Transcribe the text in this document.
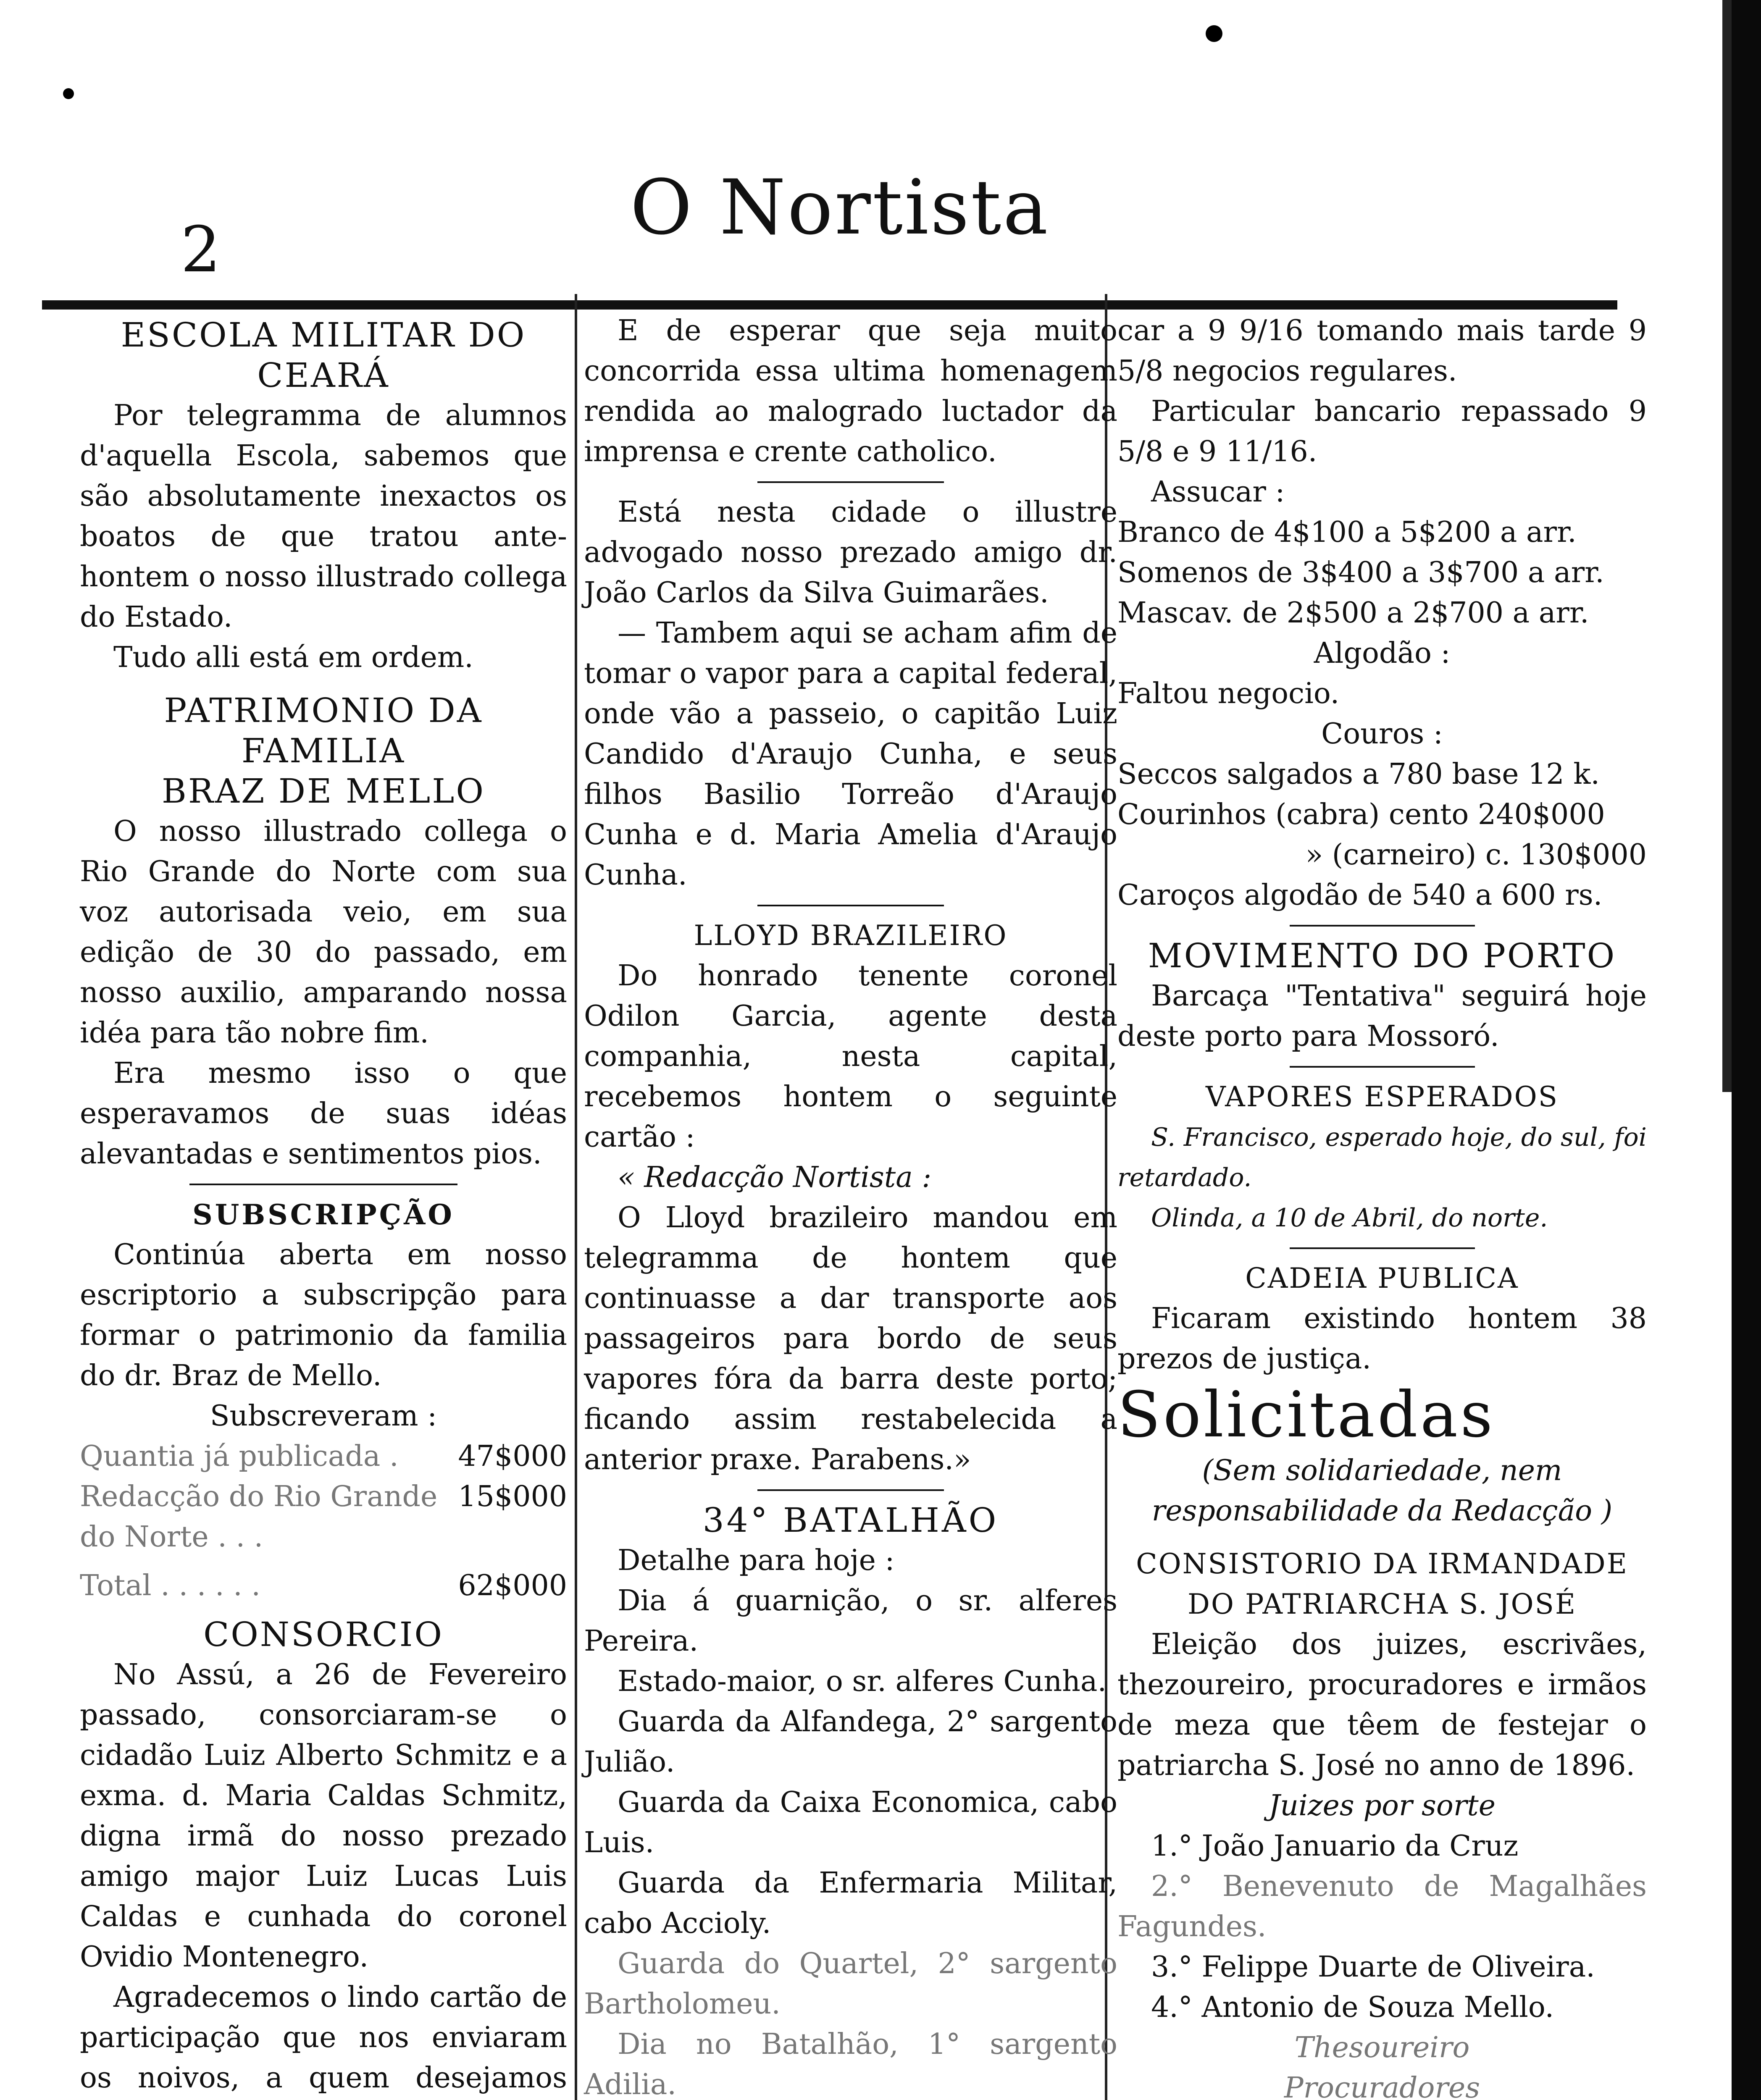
2	O Nortista

ESCOLA MILITAR DO

CEARÁ

Por telegramma de alumnos d'aquella Escola, sabemos que são absolutamente inexactos os boatos de que tratou ante-hontem o nosso illustrado collega do Estado.

Tudo alli está em ordem.

PATRIMONIO DA FAMILIA

BRAZ DE MELLO

O nosso illustrado collega o Rio Grande do Norte com sua voz autorisada veio, em sua edição de 30 do passado, em nosso auxilio, amparando nossa idéa para tão nobre fim.

Era mesmo isso o que esperavamos de suas idéas alevantadas e sentimentos pios.

SUBSCRIPÇÃO

Continúa aberta em nosso escriptorio a subscripção para formar o patrimonio da familia do dr. Braz de Mello.

Subscreveram :

Quantia já publicada . 47$000
Redacção do Rio Grande do Norte . . .
15$000
Total . . . . . .	62$000

CONSORCIO

No Assú, a 26 de Fevereiro passado, consorciaram-se o cidadão Luiz Alberto Schmitz e a exma. d. Maria Caldas Schmitz, digna irmã do nosso prezado amigo major Luiz Lucas Luis Caldas e cunhada do coronel Ovidio Montenegro.

Agradecemos o lindo cartão de participação que nos enviaram os noivos, a quem desejamos

E de esperar que seja muito concorrida essa ultima homenagem rendida ao malogrado luctador da imprensa e crente catholico.

Está nesta cidade o illustre advogado nosso prezado amigo dr. João Carlos da Silva Guimarães.

— Tambem aqui se acham afim de tomar o vapor para a capital federal, onde vão a passeio, o capitão Luiz Candido d'Araujo Cunha, e seus filhos Basilio Torreão d'Araujo Cunha e d. Maria Amelia d'Araujo Cunha.

LLOYD BRAZILEIRO

Do honrado tenente coronel Odilon Garcia, agente desta companhia, nesta capital, recebemos hontem o seguinte cartão :

« Redacção Nortista :

O Lloyd brazileiro mandou em telegramma de hontem que continuasse a dar transporte aos passageiros para bordo de seus vapores fóra da barra deste porto; ficando assim restabelecida a anterior praxe. Parabens.»

34° BATALHÃO

Detalhe para hoje :

Dia á guarnição, o sr. alferes Pereira.

Estado-maior, o sr. alferes Cunha.

Guarda da Alfandega, 2° sargento Julião.

Guarda da Caixa Economica, cabo Luis.

Guarda da Enfermaria Militar, cabo Accioly.

Guarda do Quartel, 2° sargento Bartholomeu.

Dia no Batalhão, 1° sargento Adilia.

car a 9 9/16 tomando mais tarde 9 5/8 negocios regulares.

Particular bancario repassado 9 5/8 e 9 11/16.

Assucar :

Branco de 4$100 a 5$200 a arr.

Somenos de 3$400 a 3$700 a arr.

Mascav. de 2$500 a 2$700 a arr.

Algodão :

Faltou negocio.

Couros :

Seccos salgados a 780 base 12 k.

Courinhos (cabra) cento 240$000

» (carneiro) c. 130$000

Caroços algodão de 540 a 600 rs.

MOVIMENTO DO PORTO

Barcaça "Tentativa" seguirá hoje deste porto para Mossoró.

VAPORES ESPERADOS

S. Francisco, esperado hoje, do sul, foi retardado.

Olinda, a 10 de Abril, do norte.

CADEIA PUBLICA

Ficaram existindo hontem 38 prezos de justiça.

Solicitadas

(Sem solidariedade, nem responsabilidade da Redacção )

CONSISTORIO DA IRMANDADE

DO PATRIARCHA S. JOSÉ

Eleição dos juizes, escrivães, thezoureiro, procuradores e irmãos de meza que têem de festejar o patriarcha S. José no anno de 1896.

Juizes por sorte

1.° João Januario da Cruz

2.° Benevenuto de Magalhães Fagundes.

3.° Felippe Duarte de Oliveira.

4.° Antonio de Souza Mello.

Thesoureiro

Procuradores
